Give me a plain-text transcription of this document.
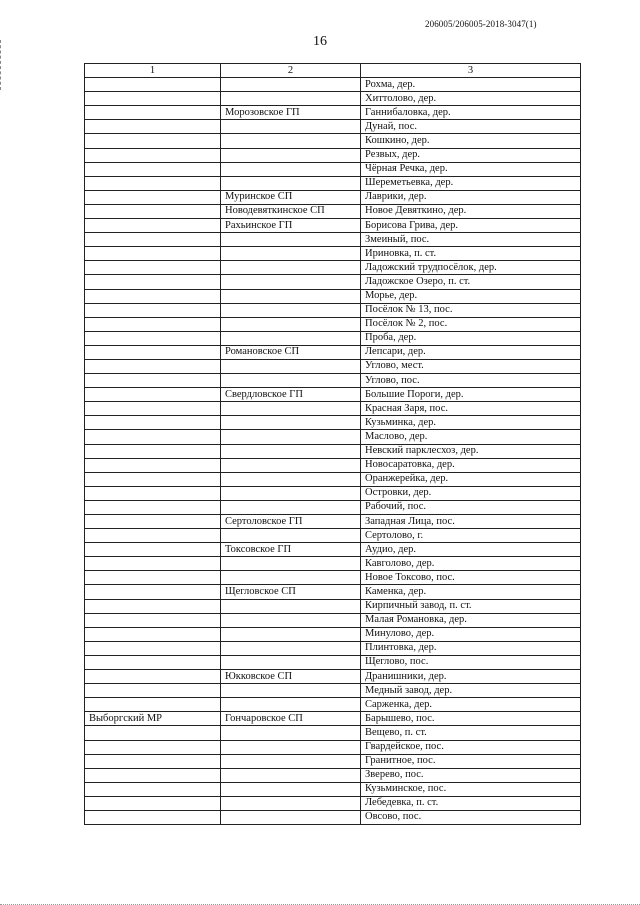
206005/206005-2018-3047(1)
16
1	2	3
		Рохма, дер.
		Хиттолово, дер.
	Морозовское ГП	Ганнибаловка, дер.
		Дунай, пос.
		Кошкино, дер.
		Резвых, дер.
		Чёрная Речка, дер.
		Шереметьевка, дер.
	Муринское СП	Лаврики, дер.
	Новодевяткинское СП	Новое Девяткино, дер.
	Рахьинское ГП	Борисова Грива, дер.
		Змеиный, пос.
		Ириновка, п. ст.
		Ладожский трудпосёлок, дер.
		Ладожское Озеро, п. ст.
		Морье, дер.
		Посёлок № 13, пос.
		Посёлок № 2, пос.
		Проба, дер.
	Романовское СП	Лепсари, дер.
		Углово, мест.
		Углово, пос.
	Свердловское ГП	Большие Пороги, дер.
		Красная Заря, пос.
		Кузьминка, дер.
		Маслово, дер.
		Невский парклесхоз, дер.
		Новосаратовка, дер.
		Оранжерейка, дер.
		Островки, дер.
		Рабочий, пос.
	Сертоловское ГП	Западная Лица, пос.
		Сертолово, г.
	Токсовское ГП	Аудио, дер.
		Кавголово, дер.
		Новое Токсово, пос.
	Щегловское СП	Каменка, дер.
		Кирпичный завод, п. ст.
		Малая Романовка, дер.
		Минулово, дер.
		Плинтовка, дер.
		Щеглово, пос.
	Юкковское СП	Дранишники, дер.
		Медный завод, дер.
		Сарженка, дер.
Выборгский МР	Гончаровское СП	Барышево, пос.
		Вещево, п. ст.
		Гвардейское, пос.
		Гранитное, пос.
		Зверево, пос.
		Кузьминское, пос.
		Лебедевка, п. ст.
		Овсово, пос.
